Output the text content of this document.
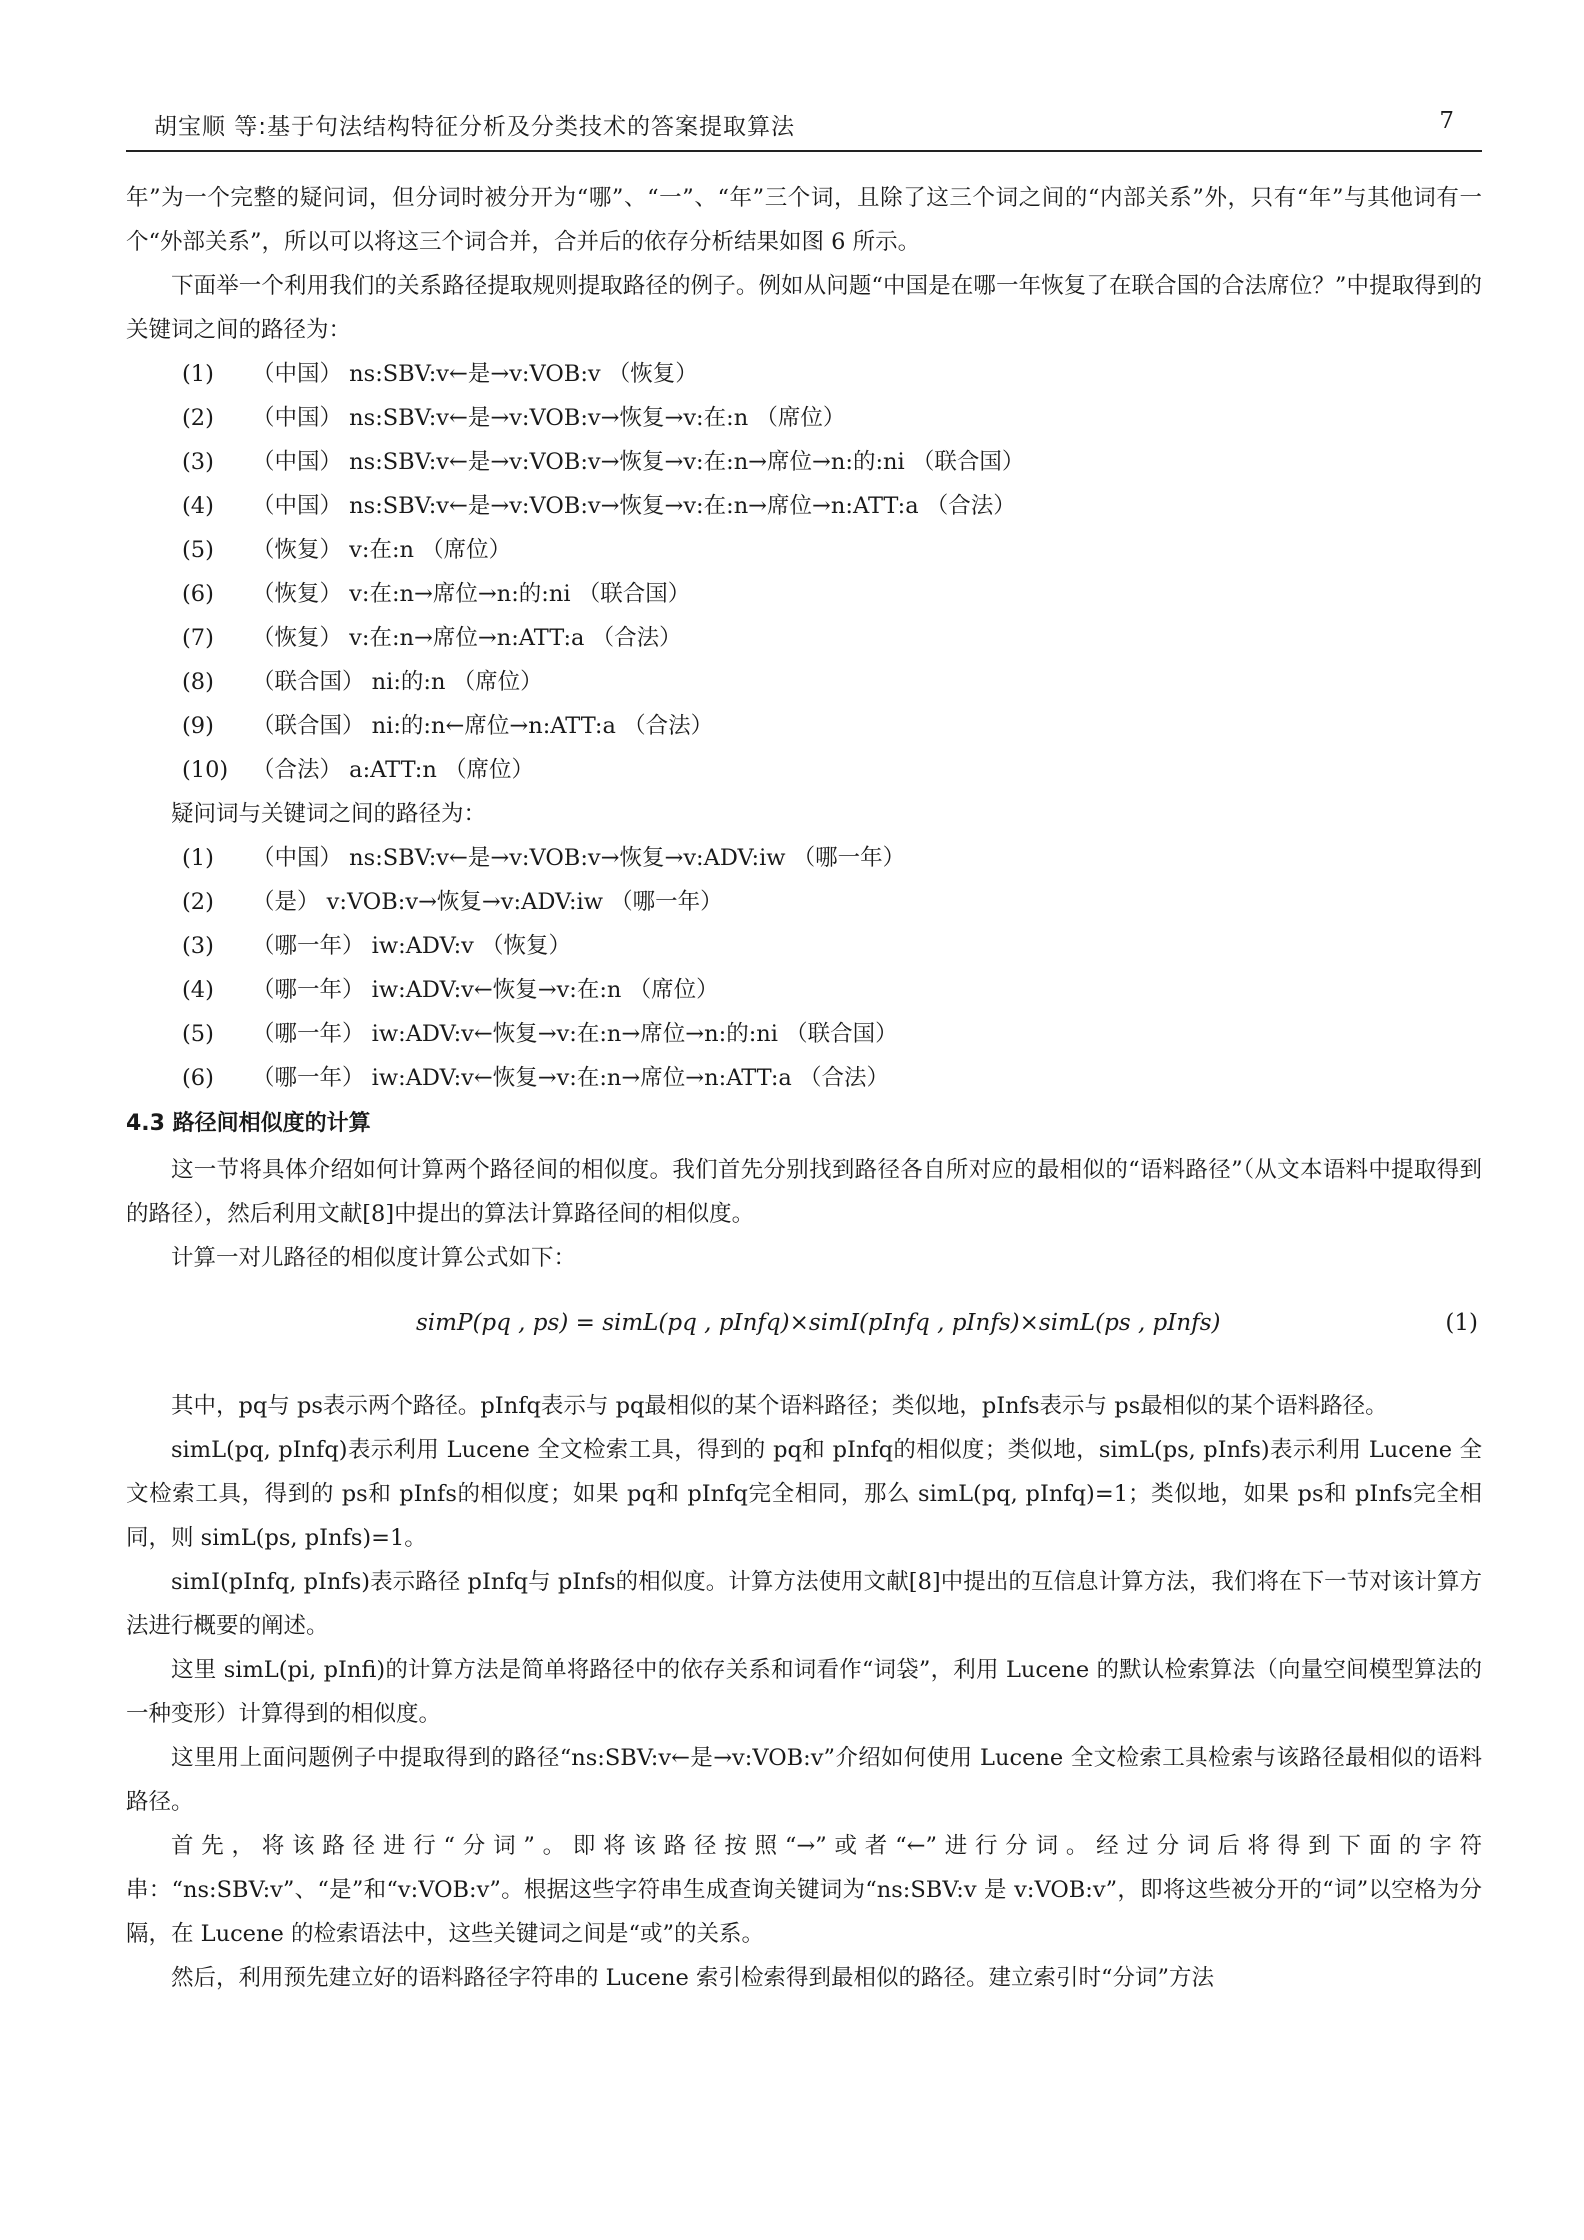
胡宝顺 等:基于句法结构特征分析及分类技术的答案提取算法	7

年”为一个完整的疑问词，但分词时被分开为“哪”、“一”、“年”三个词，且除了这三个词之间的“内部关系”外，只有“年”与其他词有一个“外部关系”，所以可以将这三个词合并，合并后的依存分析结果如图 6 所示。

下面举一个利用我们的关系路径提取规则提取路径的例子。例如从问题“中国是在哪一年恢复了在联合国的合法席位？”中提取得到的关键词之间的路径为：

(1)	（中国） ns:SBV:v←是→v:VOB:v （恢复）
(2)	（中国） ns:SBV:v←是→v:VOB:v→恢复→v:在:n （席位）
(3)	（中国） ns:SBV:v←是→v:VOB:v→恢复→v:在:n→席位→n:的:ni （联合国）
(4)	（中国） ns:SBV:v←是→v:VOB:v→恢复→v:在:n→席位→n:ATT:a （合法）
(5)	（恢复） v:在:n （席位）
(6)	（恢复） v:在:n→席位→n:的:ni （联合国）
(7)	（恢复） v:在:n→席位→n:ATT:a （合法）
(8)	（联合国） ni:的:n （席位）
(9)	（联合国） ni:的:n←席位→n:ATT:a （合法）
(10)	（合法） a:ATT:n （席位）

疑问词与关键词之间的路径为：

(1)	（中国） ns:SBV:v←是→v:VOB:v→恢复→v:ADV:iw （哪一年）
(2)	（是） v:VOB:v→恢复→v:ADV:iw （哪一年）
(3)	（哪一年） iw:ADV:v （恢复）
(4)	（哪一年） iw:ADV:v←恢复→v:在:n （席位）
(5)	（哪一年） iw:ADV:v←恢复→v:在:n→席位→n:的:ni （联合国）
(6)	（哪一年） iw:ADV:v←恢复→v:在:n→席位→n:ATT:a （合法）
4.3 路径间相似度的计算

这一节将具体介绍如何计算两个路径间的相似度。我们首先分别找到路径各自所对应的最相似的“语料路径”（从文本语料中提取得到的路径），然后利用文献[8]中提出的算法计算路径间的相似度。

计算一对儿路径的相似度计算公式如下：

simP(pq , ps) = simL(pq , pInfq)×simI(pInfq , pInfs)×simL(ps , pInfs)	(1)

其中，pq与 ps表示两个路径。pInfq表示与 pq最相似的某个语料路径；类似地，pInfs表示与 ps最相似的某个语料路径。

simL(pq, pInfq)表示利用 Lucene 全文检索工具，得到的 pq和 pInfq的相似度；类似地，simL(ps, pInfs)表示利用 Lucene 全文检索工具，得到的 ps和 pInfs的相似度；如果 pq和 pInfq完全相同，那么 simL(pq, pInfq)=1；类似地，如果 ps和 pInfs完全相同，则 simL(ps, pInfs)=1。

simI(pInfq, pInfs)表示路径 pInfq与 pInfs的相似度。计算方法使用文献[8]中提出的互信息计算方法，我们将在下一节对该计算方法进行概要的阐述。

这里 simL(pi, pInfi)的计算方法是简单将路径中的依存关系和词看作“词袋”，利用 Lucene 的默认检索算法（向量空间模型算法的一种变形）计算得到的相似度。

这里用上面问题例子中提取得到的路径“ns:SBV:v←是→v:VOB:v”介绍如何使用 Lucene 全文检索工具检索与该路径最相似的语料路径。

首先，将该路径进行“分词”。即将该路径按照“→”或者“←”进行分词。经过分词后将得到下面的字符串：“ns:SBV:v”、“是”和“v:VOB:v”。根据这些字符串生成查询关键词为“ns:SBV:v 是 v:VOB:v”，即将这些被分开的“词”以空格为分隔，在 Lucene 的检索语法中，这些关键词之间是“或”的关系。

然后，利用预先建立好的语料路径字符串的 Lucene 索引检索得到最相似的路径。建立索引时“分词”方法
